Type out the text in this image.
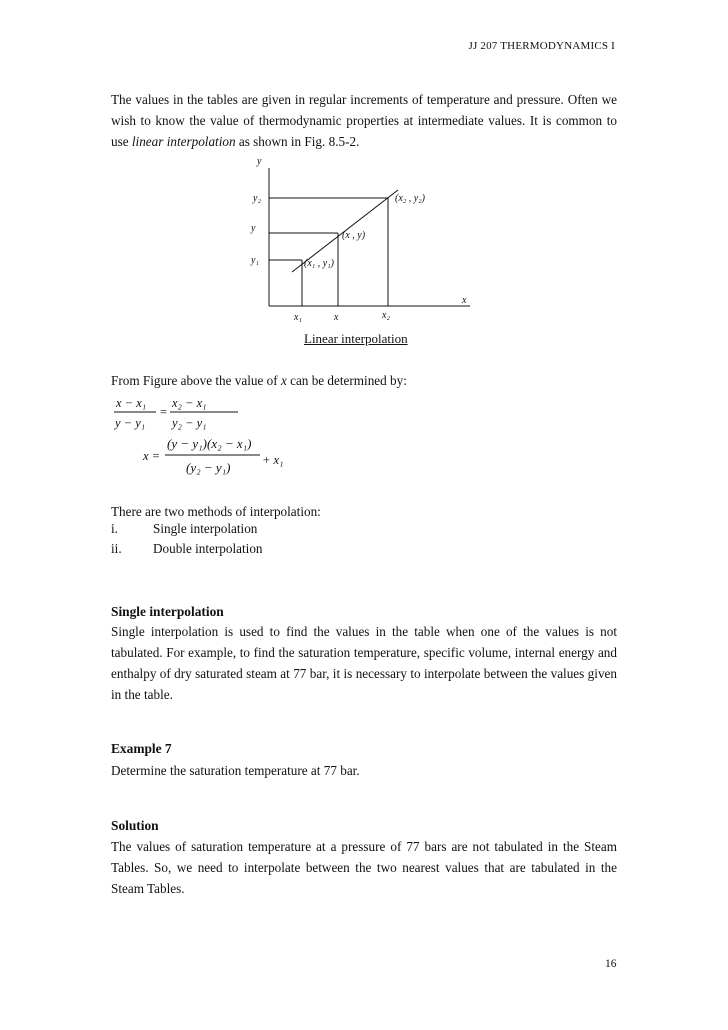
JJ 207 THERMODYNAMICS I
The values in the tables are given in regular increments of temperature and pressure. Often we wish to know the value of thermodynamic properties at intermediate values. It is common to use linear interpolation as shown in Fig. 8.5-2.
y
x
y₂
y
y₁
x₁	x	x₂
(x₂ , y₂)
(x , y)
(x₁ , y₁)
Linear interpolation
From Figure above the value of x can be determined by:
x − x₁
y − y₁
=
x₂ − x₁
y₂ − y₁
x =
(y − y₁)(x₂ − x₁)
(y₂ − y₁)	+ x₁
There are two methods of interpolation:
i.	Single interpolation
ii. Double interpolation
Single interpolation
Single interpolation is used to find the values in the table when one of the values is not tabulated. For example, to find the saturation temperature, specific volume, internal energy and enthalpy of dry saturated steam at 77 bar, it is necessary to interpolate between the values given in the table.
Example 7
Determine the saturation temperature at 77 bar.
Solution
The values of saturation temperature at a pressure of 77 bars are not tabulated in the Steam Tables. So, we need to interpolate between the two nearest values that are tabulated in the Steam Tables.
16
